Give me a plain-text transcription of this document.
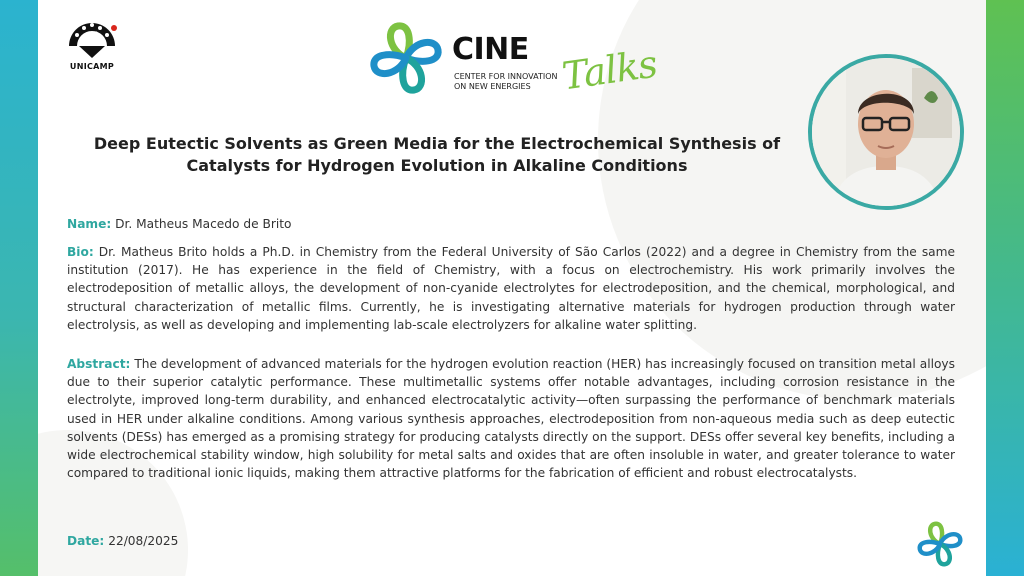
UNICAMP	CINE
CENTER FOR INNOVATION
ON NEW ENERGIES Talks
Deep Eutectic Solvents as Green Media for the Electrochemical Synthesis of
Catalysts for Hydrogen Evolution in Alkaline Conditions
Name: Dr. Matheus Macedo de Brito
Bio: Dr. Matheus Brito holds a Ph.D. in Chemistry from the Federal University of São Carlos (2022) and a degree in Chemistry from the same institution (2017). He has experience in the field of Chemistry, with a focus on electrochemistry. His work primarily involves the electrodeposition of metallic alloys, the development of non-cyanide electrolytes for electrodeposition, and the chemical, morphological, and structural characterization of metallic films. Currently, he is investigating alternative materials for hydrogen production through water electrolysis, as well as developing and implementing lab-scale electrolyzers for alkaline water splitting.
Abstract: The development of advanced materials for the hydrogen evolution reaction (HER) has increasingly focused on transition metal alloys due to their superior catalytic performance. These multimetallic systems offer notable advantages, including corrosion resistance in the electrolyte, improved long-term durability, and enhanced electrocatalytic activity—often surpassing the performance of benchmark materials used in HER under alkaline conditions. Among various synthesis approaches, electrodeposition from non-aqueous media such as deep eutectic solvents (DESs) has emerged as a promising strategy for producing catalysts directly on the support. DESs offer several key benefits, including a wide electrochemical stability window, high solubility for metal salts and oxides that are often insoluble in water, and greater tolerance to water compared to traditional ionic liquids, making them attractive platforms for the fabrication of efficient and robust electrocatalysts.
Date: 22/08/2025
